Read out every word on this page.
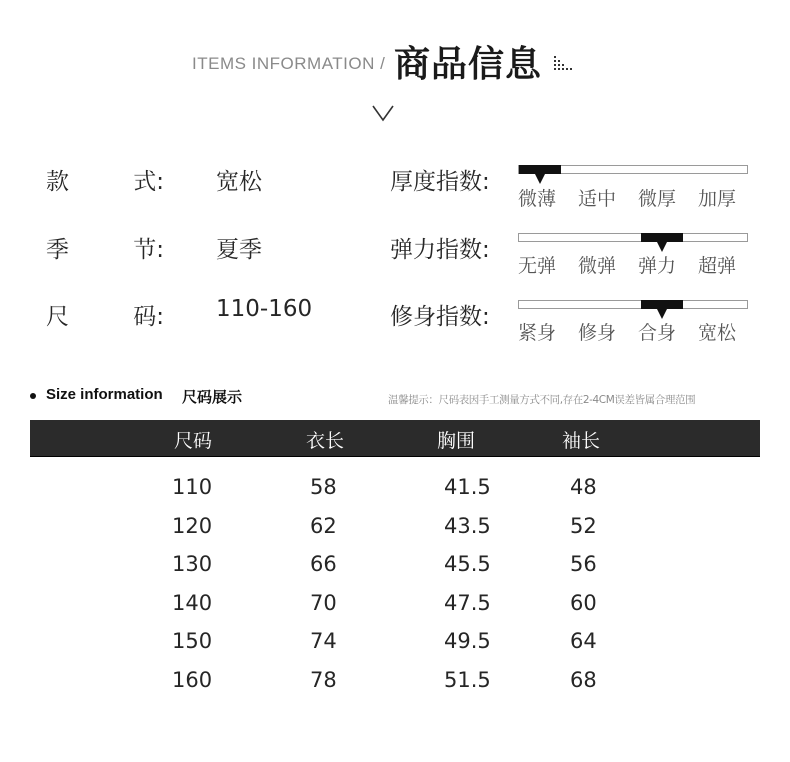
ITEMS INFORMATION / 商品信息
款	式: 宽松
季	节: 夏季
尺	码: 110-160
厚度指数:
微薄	适中	微厚	加厚
弹力指数:
无弹	微弹	弹力	超弹
修身指数:
紧身	修身	合身	宽松
Size information 尺码展示	温馨提示：尺码表因手工测量方式不同,存在2-4CM误差皆属合理范围
尺码	衣长	胸围	袖长
110	58	41.5	48
120	62	43.5	52
130	66	45.5	56
140	70	47.5	60
150	74	49.5	64
160	78	51.5	68
